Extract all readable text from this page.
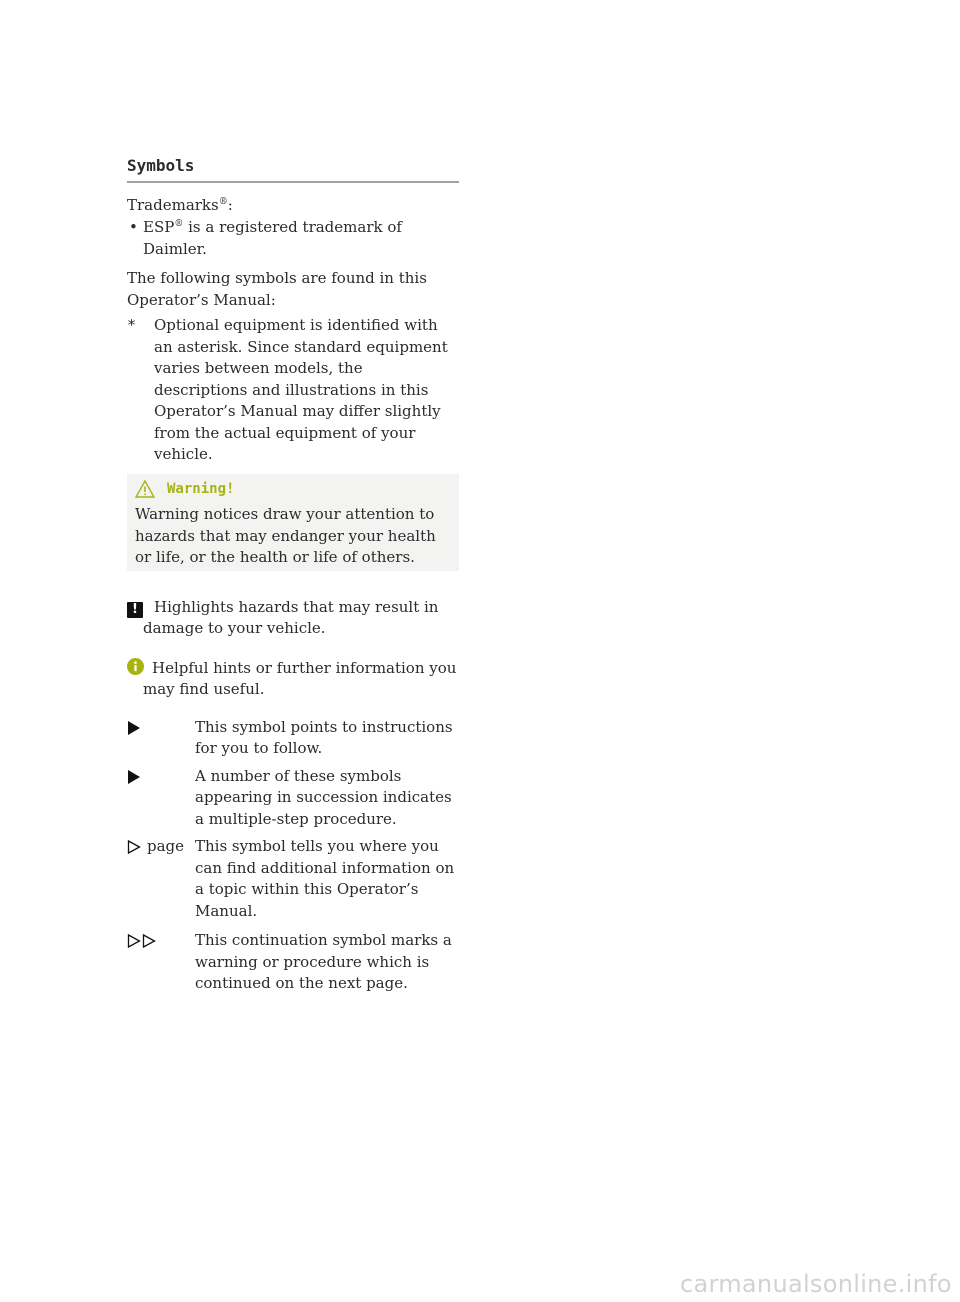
Symbols

Trademarks®:

• ESP® is a registered trademark of Daimler.

The following symbols are found in this Operator’s Manual:

*	Optional equipment is identified with an asterisk. Since standard equipment varies between models, the descriptions and illustrations in this Operator’s Manual may differ slightly from the actual equipment of your vehicle.
Warning!

Warning notices draw your attention to hazards that may endanger your health or life, or the health or life of others.

! Highlights hazards that may result in damage to your vehicle.

Helpful hints or further information you may find useful.

This symbol points to instructions for you to follow.
A number of these symbols appearing in succession indicates a multiple-step procedure.
page This symbol tells you where you can find additional information on a topic within this Operator’s Manual.
This continuation symbol marks a warning or procedure which is continued on the next page.
carmanualsonline.info
